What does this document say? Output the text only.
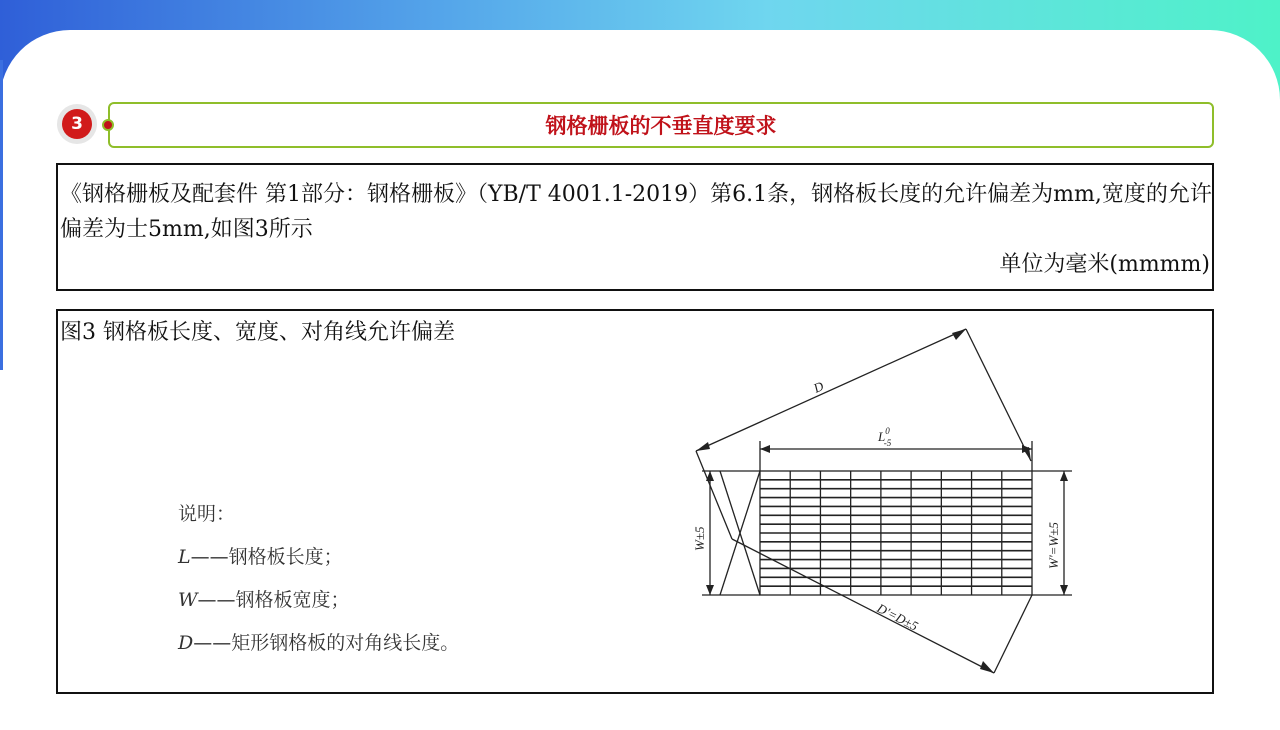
3	钢格栅板的不垂直度要求
《钢格栅板及配套件 第1部分：钢格栅板》（YB/T 4001.1-2019）第6.1条，钢格板长度的允许偏差为mm,宽度的允许偏差为士5mm,如图3所示
单位为毫米(mmmm)
图3 钢格板长度、宽度、对角线允许偏差
说明：
L——钢格板长度；
W——钢格板宽度；
D——矩形钢格板的对角线长度。
D
$L^0$ -5
W±5	W'=W±5
D'=D±5
